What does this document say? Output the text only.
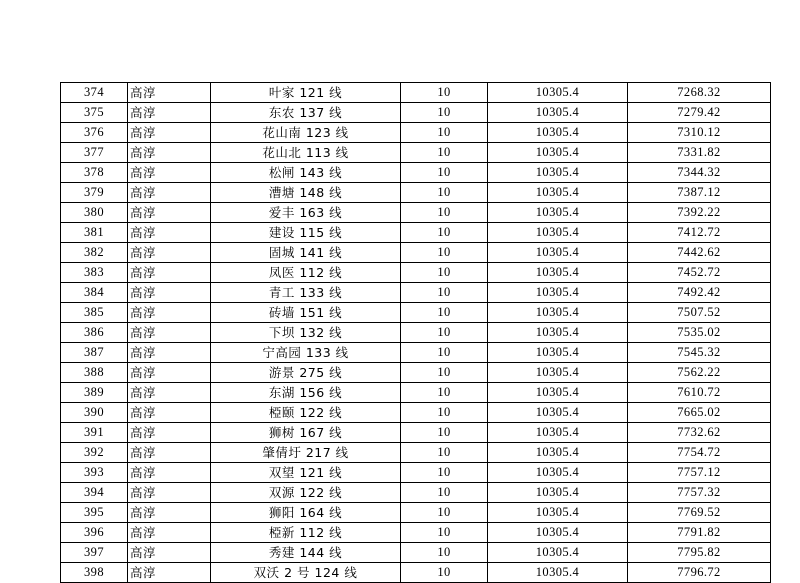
374	高淳	叶家 121 线	10	10305.4	7268.32
375	高淳	东农 137 线	10	10305.4	7279.42
376	高淳	花山南 123 线	10	10305.4	7310.12
377	高淳	花山北 113 线	10	10305.4	7331.82
378	高淳	松闸 143 线	10	10305.4	7344.32
379	高淳	漕塘 148 线	10	10305.4	7387.12
380	高淳	爱丰 163 线	10	10305.4	7392.22
381	高淳	建设 115 线	10	10305.4	7412.72
382	高淳	固城 141 线	10	10305.4	7442.62
383	高淳	凤医 112 线	10	10305.4	7452.72
384	高淳	青工 133 线	10	10305.4	7492.42
385	高淳	砖墙 151 线	10	10305.4	7507.52
386	高淳	下坝 132 线	10	10305.4	7535.02
387	高淳	宁高园 133 线	10	10305.4	7545.32
388	高淳	游景 275 线	10	10305.4	7562.22
389	高淳	东湖 156 线	10	10305.4	7610.72
390	高淳	椏颐 122 线	10	10305.4	7665.02
391	高淳	狮树 167 线	10	10305.4	7732.62
392	高淳	肇倩圩 217 线	10	10305.4	7754.72
393	高淳	双望 121 线	10	10305.4	7757.12
394	高淳	双源 122 线	10	10305.4	7757.32
395	高淳	狮阳 164 线	10	10305.4	7769.52
396	高淳	椏新 112 线	10	10305.4	7791.82
397	高淳	秀建 144 线	10	10305.4	7795.82
398	高淳	双沃 2 号 124 线	10	10305.4	7796.72
